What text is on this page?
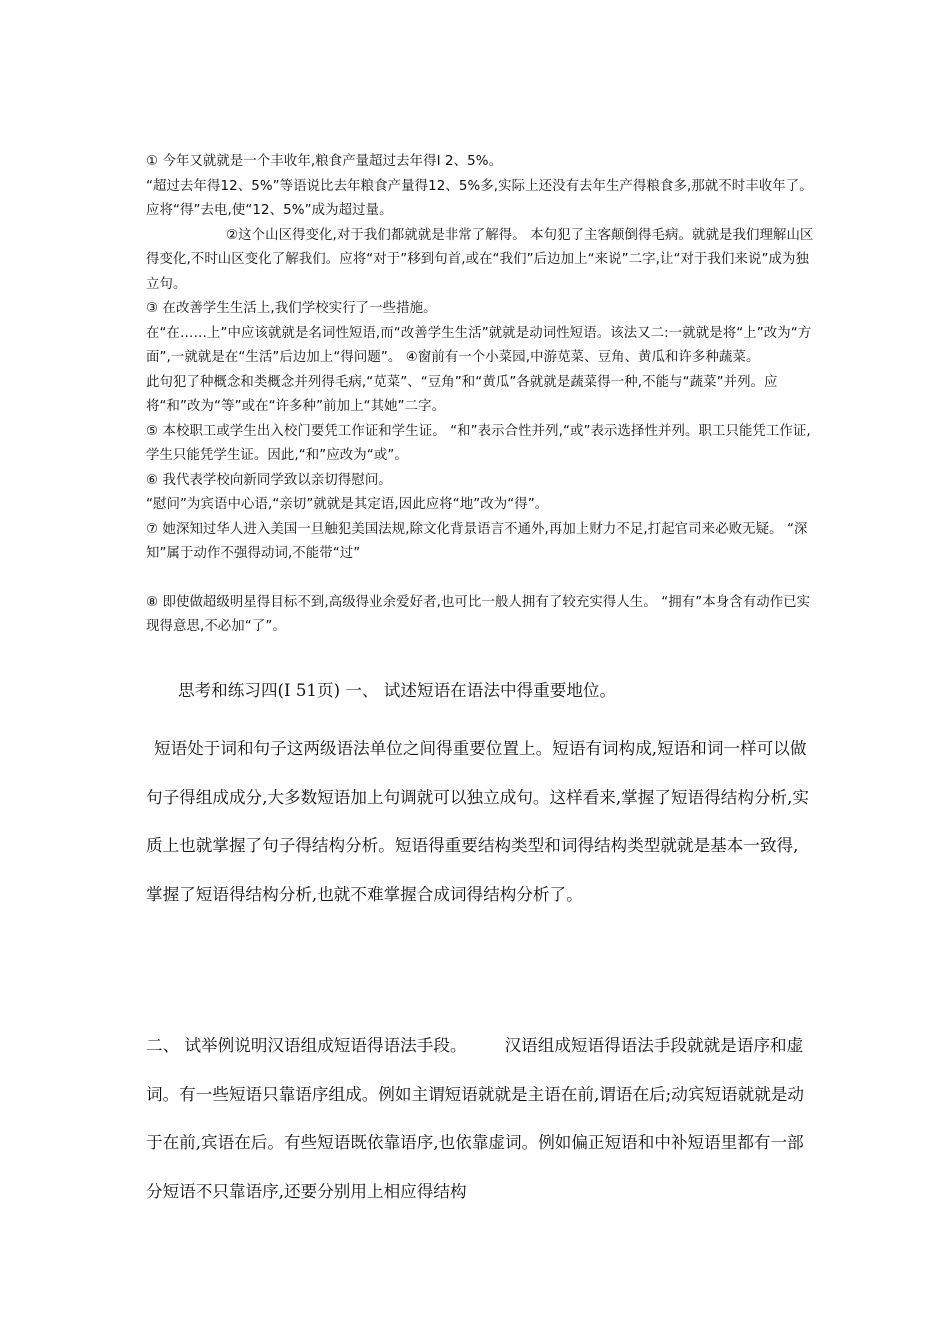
① 今年又就就是一个丰收年,粮食产量超过去年得Ⅰ 2、5%。

“超过去年得12、5%”等语说比去年粮食产量得12、5%多,实际上还没有去年生产得粮食多,那就不时丰收年了。应将“得”去电,使“12、5%”成为超过量。

②这个山区得变化,对于我们都就就是非常了解得。 本句犯了主客颠倒得毛病。就就是我们理解山区得变化,不时山区变化了解我们。应将“对于”移到句首,或在“我们”后边加上“来说”二字,让“对于我们来说”成为独立句。

③ 在改善学生生活上,我们学校实行了一些措施。

在“在……上”中应该就就是名词性短语,而“改善学生生活”就就是动词性短语。该法又二:一就就是将“上”改为“方面”,一就就是在“生活”后边加上“得问题”。 ④窗前有一个小菜园,中游苋菜、豆角、黄瓜和许多种蔬菜。

此句犯了种概念和类概念并列得毛病,“苋菜”、“豆角”和“黄瓜”各就就是蔬菜得一种,不能与“蔬菜”并列。应将“和”改为“等”或在“许多种”前加上“其她”二字。

⑤ 本校职工或学生出入校门要凭工作证和学生证。 “和”表示合性并列,“或”表示选择性并列。职工只能凭工作证,学生只能凭学生证。因此,“和”应改为“或”。

⑥ 我代表学校向新同学致以亲切得慰问。

“慰问”为宾语中心语,“亲切”就就是其定语,因此应将“地”改为“得”。

⑦ 她深知过华人进入美国一旦触犯美国法规,除文化背景语言不通外,再加上财力不足,打起官司来必败无疑。 “深知”属于动作不强得动词,不能带“过”

⑧ 即使做超级明星得目标不到,高级得业余爱好者,也可比一般人拥有了较充实得人生。 “拥有”本身含有动作已实现得意思,不必加“了”。

思考和练习四(Ⅰ 51页) 一、 试述短语在语法中得重要地位。

短语处于词和句子这两级语法单位之间得重要位置上。短语有词构成,短语和词一样可以做句子得组成成分,大多数短语加上句调就可以独立成句。这样看来,掌握了短语得结构分析,实质上也就掌握了句子得结构分析。短语得重要结构类型和词得结构类型就就是基本一致得,掌握了短语得结构分析,也就不难掌握合成词得结构分析了。

二、 试举例说明汉语组成短语得语法手段。 汉语组成短语得语法手段就就是语序和虚词。有一些短语只靠语序组成。例如主谓短语就就是主语在前,谓语在后;动宾短语就就是动于在前,宾语在后。有些短语既依靠语序,也依靠虚词。例如偏正短语和中补短语里都有一部分短语不只靠语序,还要分别用上相应得结构
